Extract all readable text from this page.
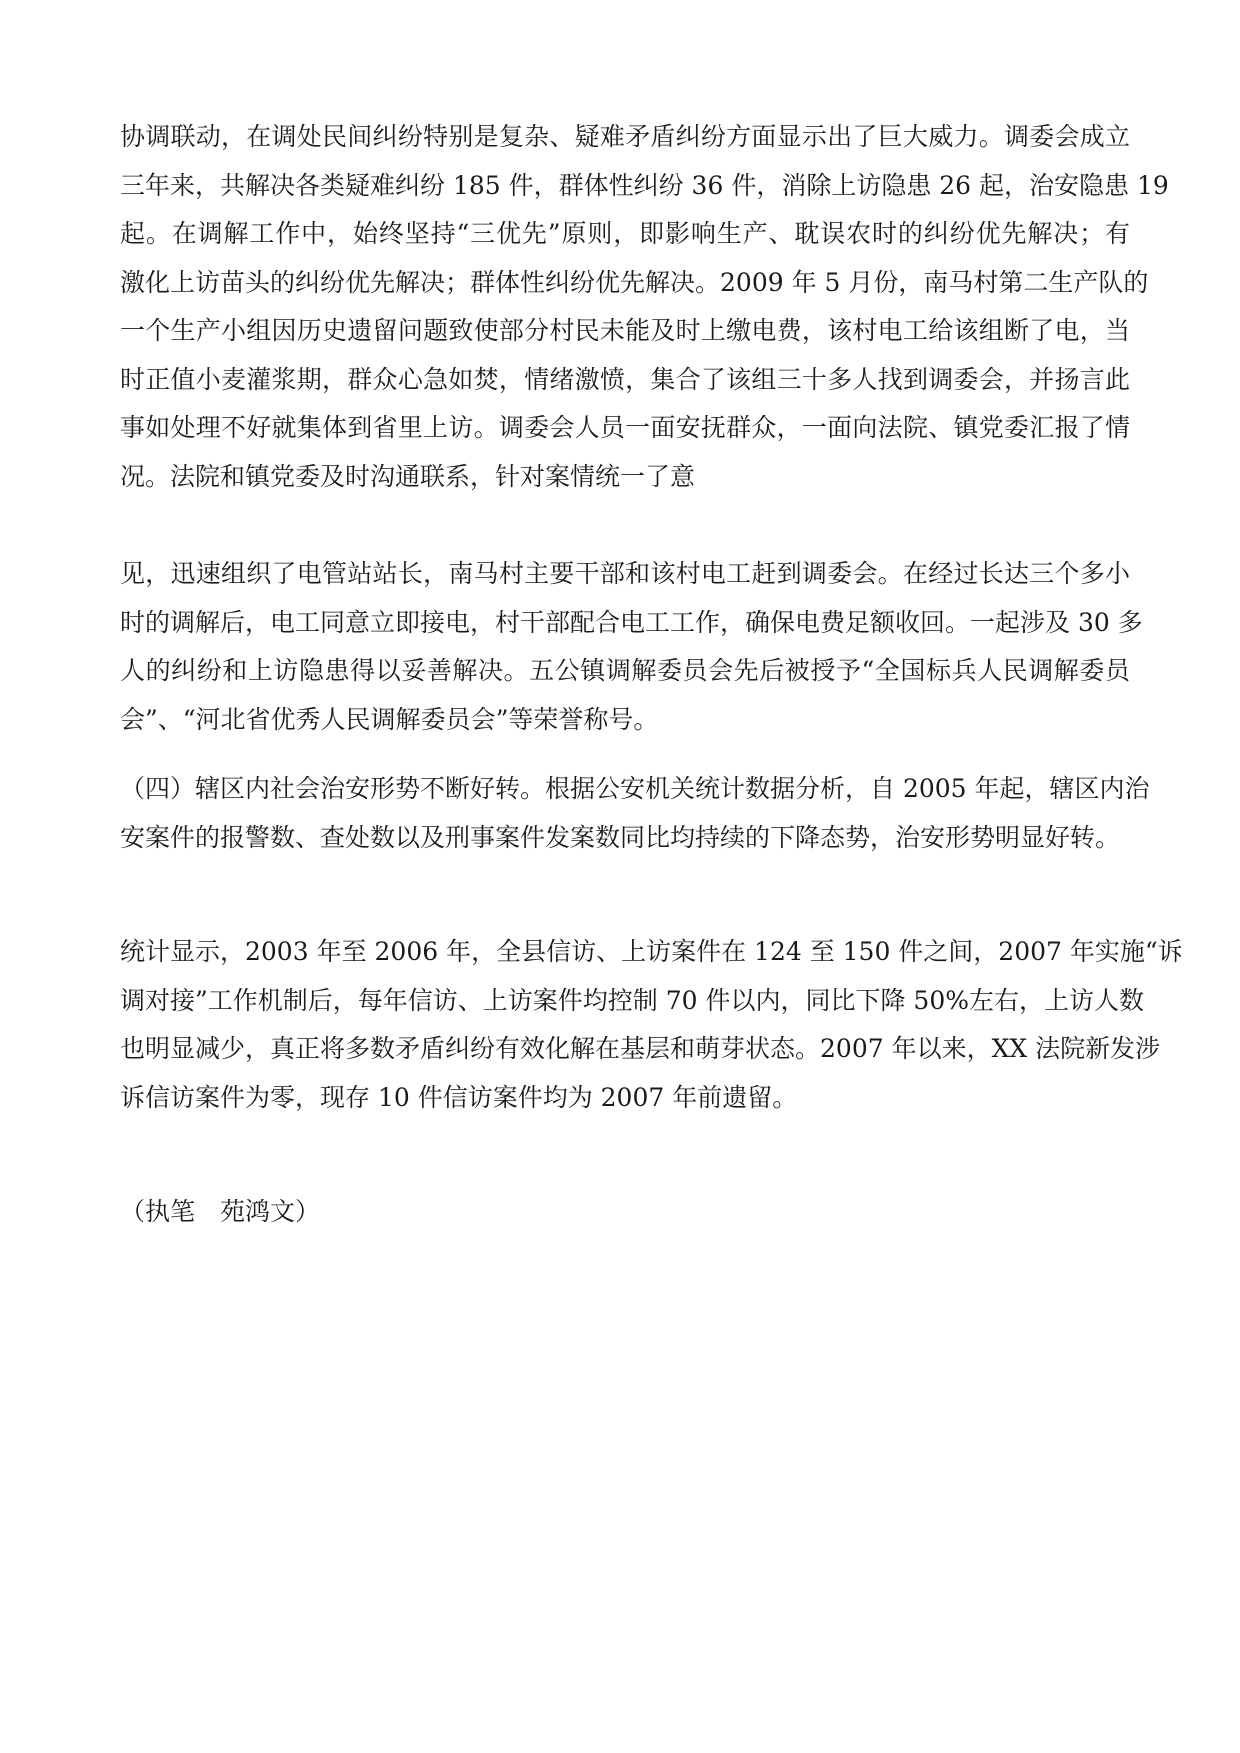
协调联动，在调处民间纠纷特别是复杂、疑难矛盾纠纷方面显示出了巨大威力。调委会成立
三年来，共解决各类疑难纠纷 185 件，群体性纠纷 36 件，消除上访隐患 26 起，治安隐患 19
起。在调解工作中，始终坚持“三优先”原则，即影响生产、耽误农时的纠纷优先解决；有
激化上访苗头的纠纷优先解决；群体性纠纷优先解决。2009 年 5 月份，南马村第二生产队的
一个生产小组因历史遗留问题致使部分村民未能及时上缴电费，该村电工给该组断了电，当
时正值小麦灌浆期，群众心急如焚，情绪激愤，集合了该组三十多人找到调委会，并扬言此
事如处理不好就集体到省里上访。调委会人员一面安抚群众，一面向法院、镇党委汇报了情
况。法院和镇党委及时沟通联系，针对案情统一了意
见，迅速组织了电管站站长，南马村主要干部和该村电工赶到调委会。在经过长达三个多小
时的调解后，电工同意立即接电，村干部配合电工工作，确保电费足额收回。一起涉及 30 多
人的纠纷和上访隐患得以妥善解决。五公镇调解委员会先后被授予“全国标兵人民调解委员
会”、“河北省优秀人民调解委员会”等荣誉称号。
（四）辖区内社会治安形势不断好转。根据公安机关统计数据分析，自 2005 年起，辖区内治
安案件的报警数、查处数以及刑事案件发案数同比均持续的下降态势，治安形势明显好转。
统计显示，2003 年至 2006 年，全县信访、上访案件在 124 至 150 件之间，2007 年实施“诉
调对接”工作机制后，每年信访、上访案件均控制 70 件以内，同比下降 50%左右，上访人数
也明显减少，真正将多数矛盾纠纷有效化解在基层和萌芽状态。2007 年以来，XX 法院新发涉
诉信访案件为零，现存 10 件信访案件均为 2007 年前遗留。
（执笔　苑鸿文）
